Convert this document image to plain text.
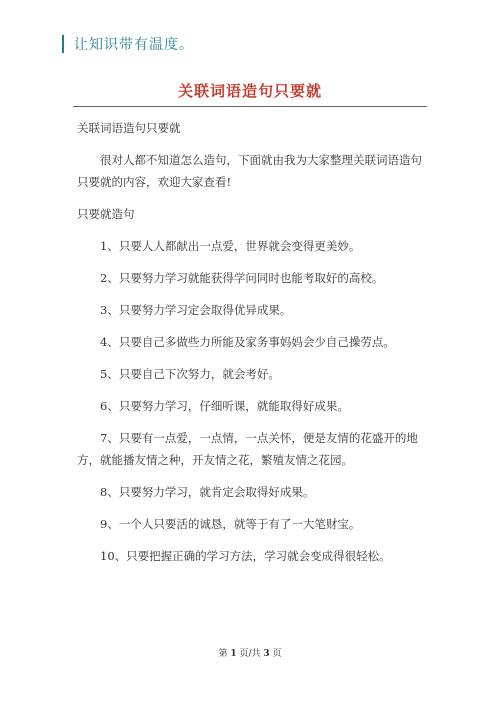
让知识带有温度。
关联词语造句只要就

关联词语造句只要就

很对人都不知道怎么造句，下面就由我为大家整理关联词语造句只要就的内容，欢迎大家查看!

只要就造句

1、只要人人都献出一点爱，世界就会变得更美妙。

2、只要努力学习就能获得学问同时也能考取好的高校。

3、只要努力学习定会取得优异成果。

4、只要自己多做些力所能及家务事妈妈会少自己操劳点。

5、只要自己下次努力，就会考好。

6、只要努力学习，仔细听课，就能取得好成果。

7、只要有一点爱，一点情，一点关怀，便是友情的花盛开的地方，就能播友情之种，开友情之花，繁殖友情之花园。

8、只要努力学习，就肯定会取得好成果。

9、一个人只要活的诚恳，就等于有了一大笔财宝。

10、只要把握正确的学习方法，学习就会变成得很轻松。

第 1 页/共 3 页
